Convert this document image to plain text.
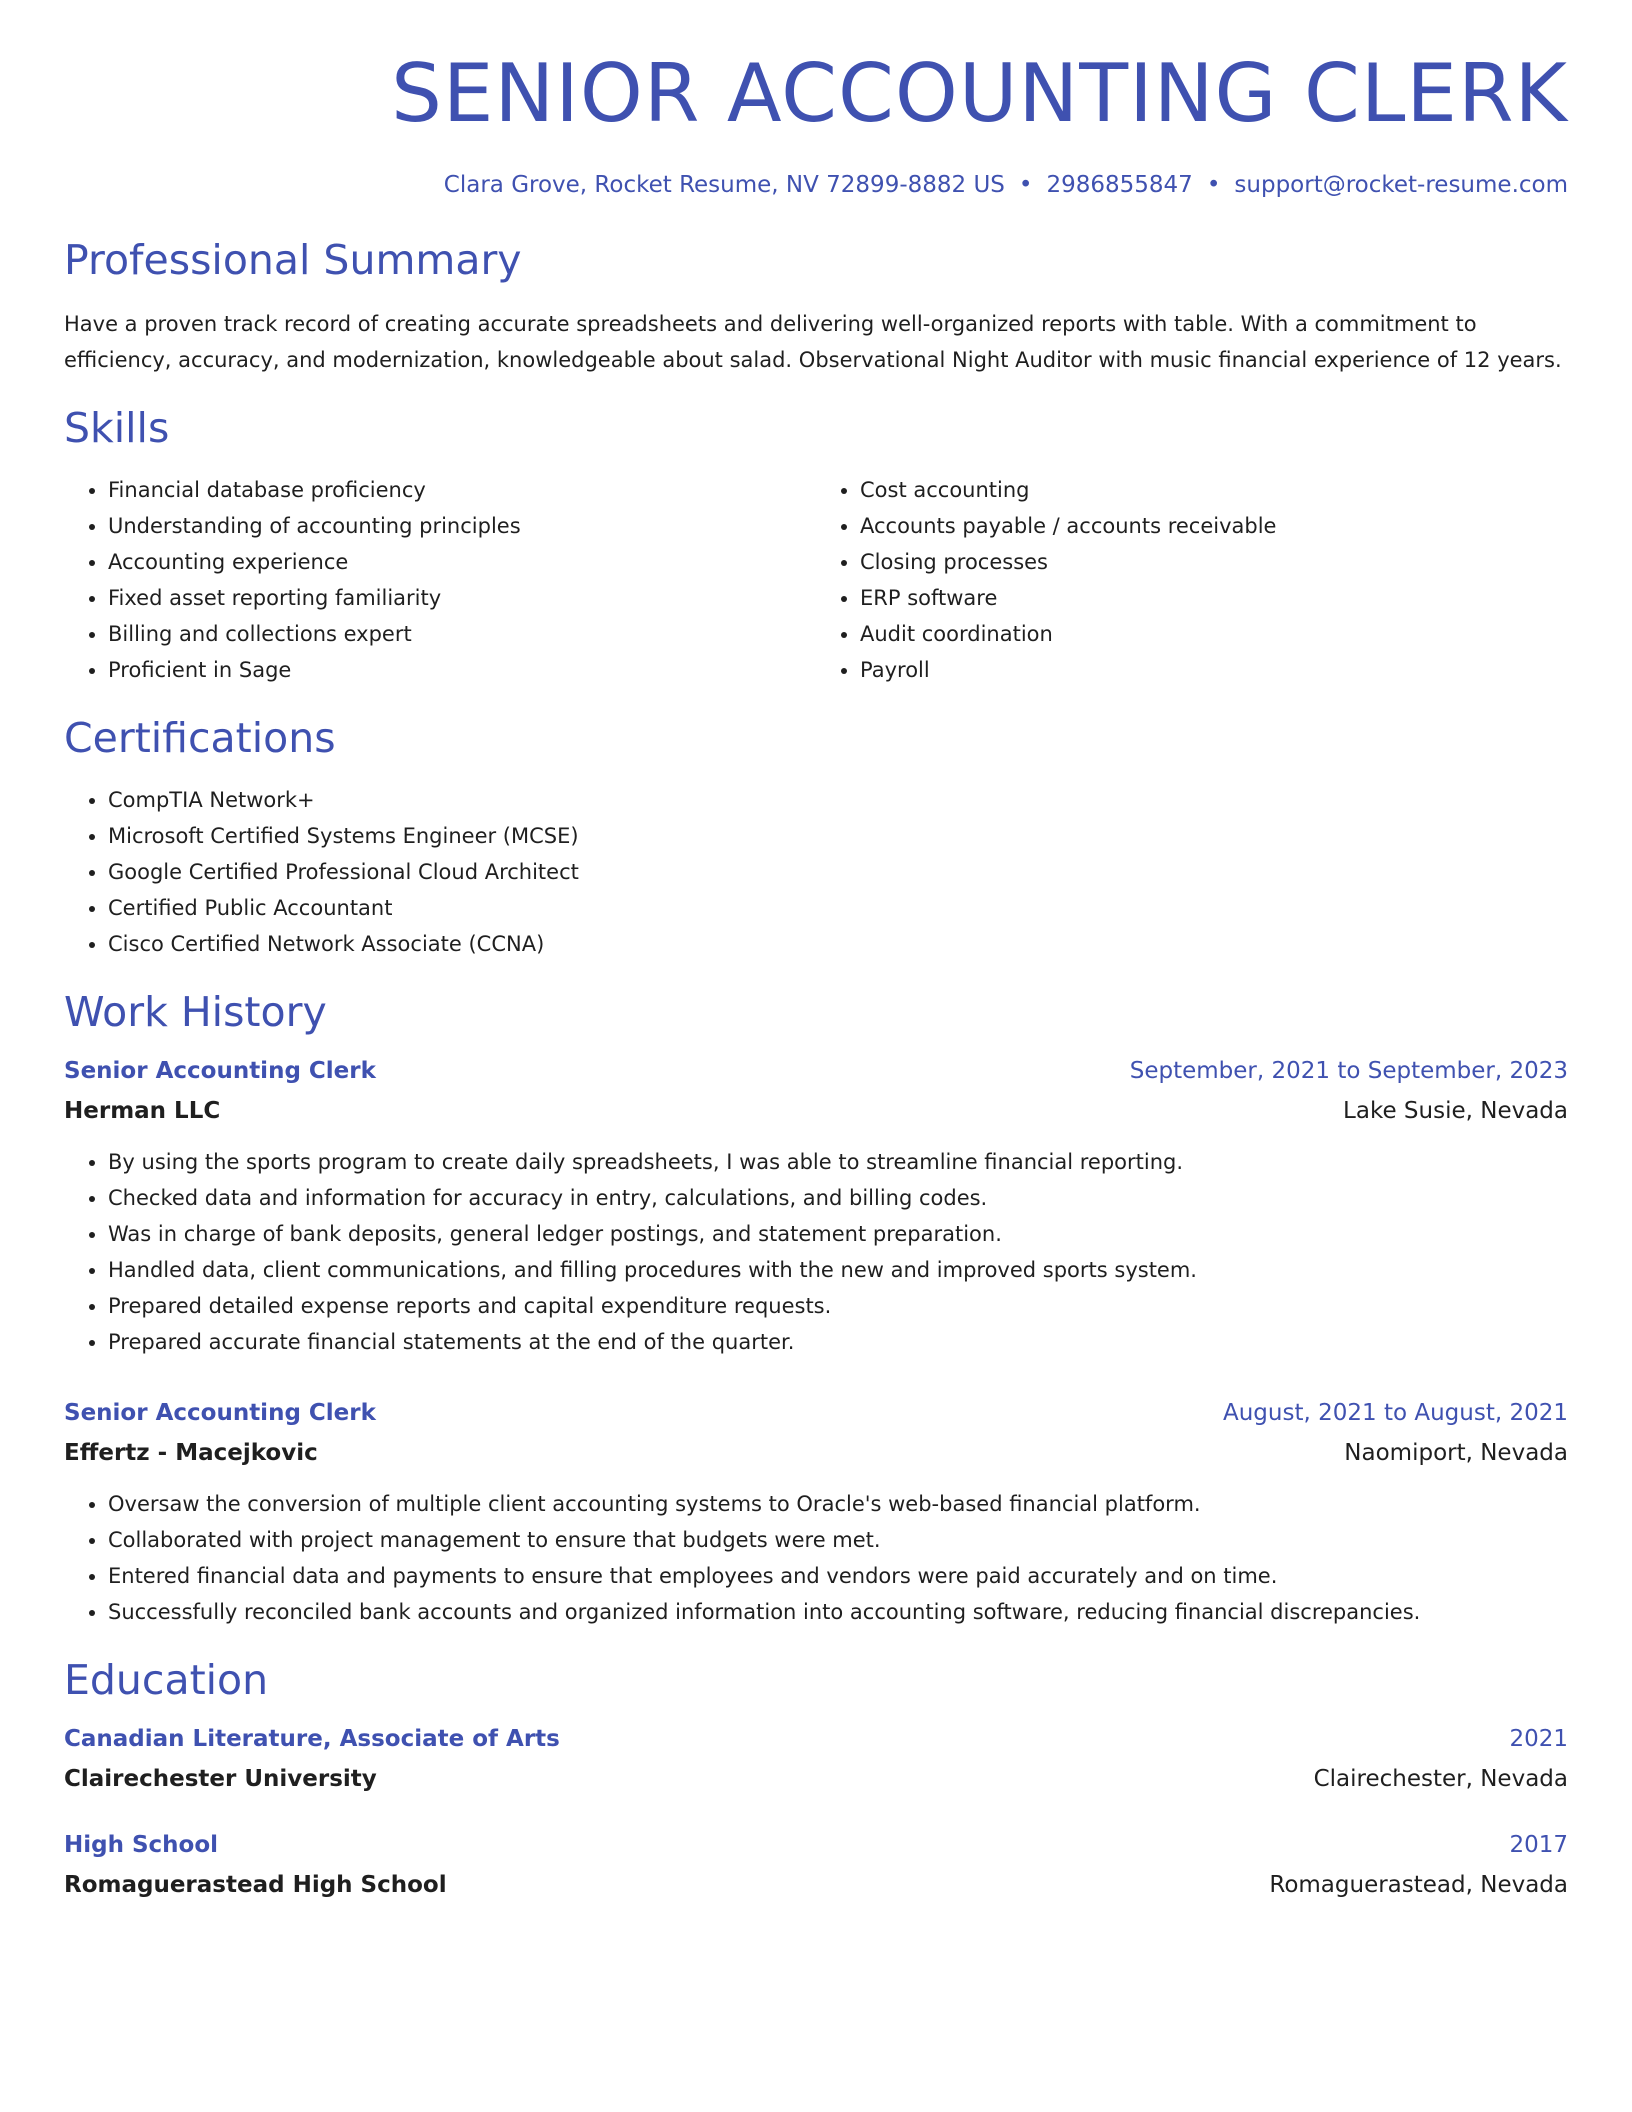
SENIOR ACCOUNTING CLERK
Clara Grove, Rocket Resume, NV 72899-8882 US • 2986855847 • support@rocket-resume.com
Professional Summary

Have a proven track record of creating accurate spreadsheets and delivering well-organized reports with table. With a commitment to efficiency, accuracy, and modernization, knowledgeable about salad. Observational Night Auditor with music financial experience of 12 years.

Skills
• Financial database proficiency
• Understanding of accounting principles
• Accounting experience
• Fixed asset reporting familiarity
• Billing and collections expert
• Proficient in Sage
• Cost accounting
• Accounts payable / accounts receivable
• Closing processes
• ERP software
• Audit coordination
• Payroll
Certifications
• CompTIA Network+
• Microsoft Certified Systems Engineer (MCSE)
• Google Certified Professional Cloud Architect
• Certified Public Accountant
• Cisco Certified Network Associate (CCNA)
Work History
Senior Accounting Clerk	September, 2021 to September, 2023
Herman LLC	Lake Susie, Nevada
• By using the sports program to create daily spreadsheets, I was able to streamline financial reporting.
• Checked data and information for accuracy in entry, calculations, and billing codes.
• Was in charge of bank deposits, general ledger postings, and statement preparation.
• Handled data, client communications, and filling procedures with the new and improved sports system.
• Prepared detailed expense reports and capital expenditure requests.
• Prepared accurate financial statements at the end of the quarter.
Senior Accounting Clerk	August, 2021 to August, 2021
Effertz - Macejkovic	Naomiport, Nevada
• Oversaw the conversion of multiple client accounting systems to Oracle's web-based financial platform.
• Collaborated with project management to ensure that budgets were met.
• Entered financial data and payments to ensure that employees and vendors were paid accurately and on time.
• Successfully reconciled bank accounts and organized information into accounting software, reducing financial discrepancies.
Education
Canadian Literature, Associate of Arts	2021
Clairechester University	Clairechester, Nevada
High School	2017
Romaguerastead High School	Romaguerastead, Nevada
